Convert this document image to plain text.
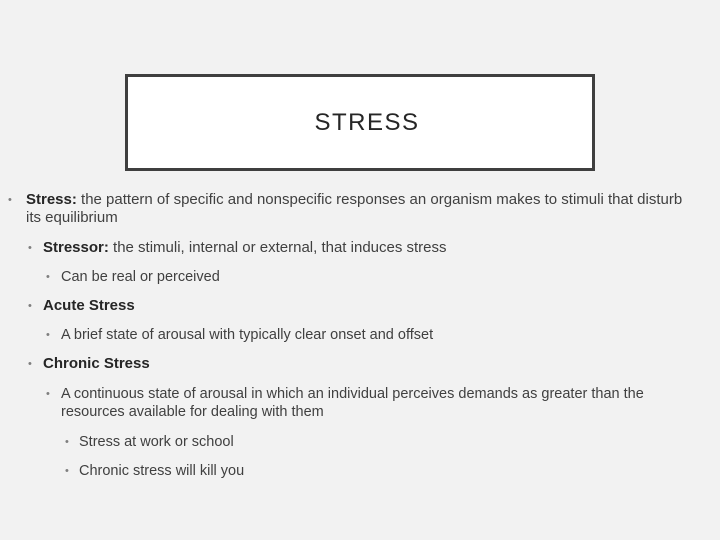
STRESS
• Stress: the pattern of specific and nonspecific responses an organism makes to stimuli that disturb its equilibrium
• Stressor: the stimuli, internal or external, that induces stress
• Can be real or perceived
• Acute Stress
• A brief state of arousal with typically clear onset and offset
• Chronic Stress
• A continuous state of arousal in which an individual perceives demands as greater than the resources available for dealing with them
• Stress at work or school
• Chronic stress will kill you
